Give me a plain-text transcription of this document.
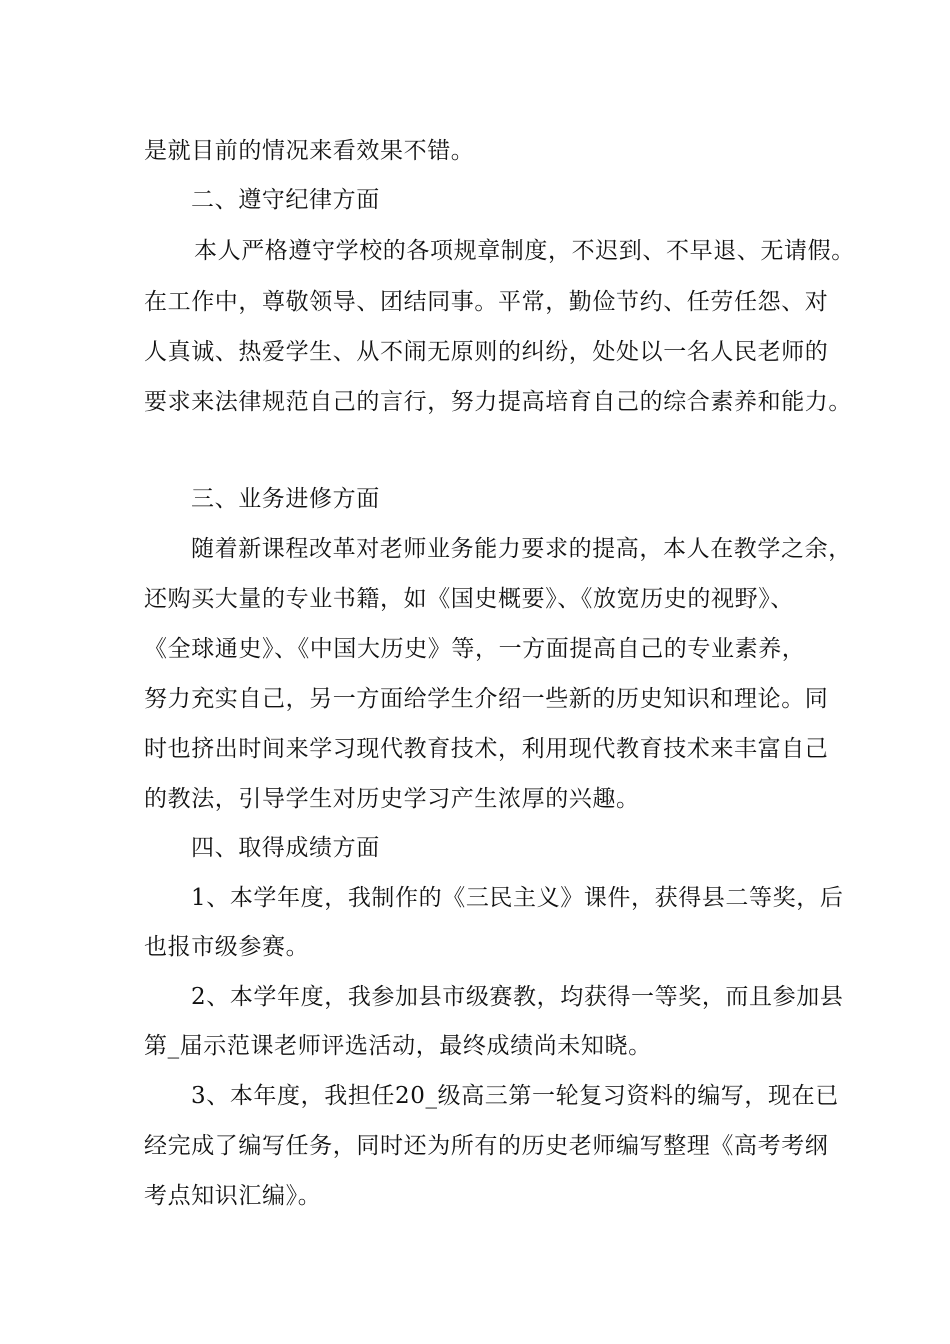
是就目前的情况来看效果不错。
二、遵守纪律方面
本人严格遵守学校的各项规章制度，不迟到、不早退、无请假。
在工作中，尊敬领导、团结同事。平常，勤俭节约、任劳任怨、对
人真诚、热爱学生、从不闹无原则的纠纷，处处以一名人民老师的
要求来法律规范自己的言行，努力提高培育自己的综合素养和能力。
三、业务进修方面
随着新课程改革对老师业务能力要求的提高，本人在教学之余，
还购买大量的专业书籍，如《国史概要》、《放宽历史的视野》、
《全球通史》、《中国大历史》等，一方面提高自己的专业素养，
努力充实自己，另一方面给学生介绍一些新的历史知识和理论。同
时也挤出时间来学习现代教育技术，利用现代教育技术来丰富自己
的教法，引导学生对历史学习产生浓厚的兴趣。
四、取得成绩方面
1、本学年度，我制作的《三民主义》课件，获得县二等奖，后
也报市级参赛。
2、本学年度，我参加县市级赛教，均获得一等奖，而且参加县
第_届示范课老师评选活动，最终成绩尚未知晓。
3、本年度，我担任20_级高三第一轮复习资料的编写，现在已
经完成了编写任务，同时还为所有的历史老师编写整理《高考考纲
考点知识汇编》。
